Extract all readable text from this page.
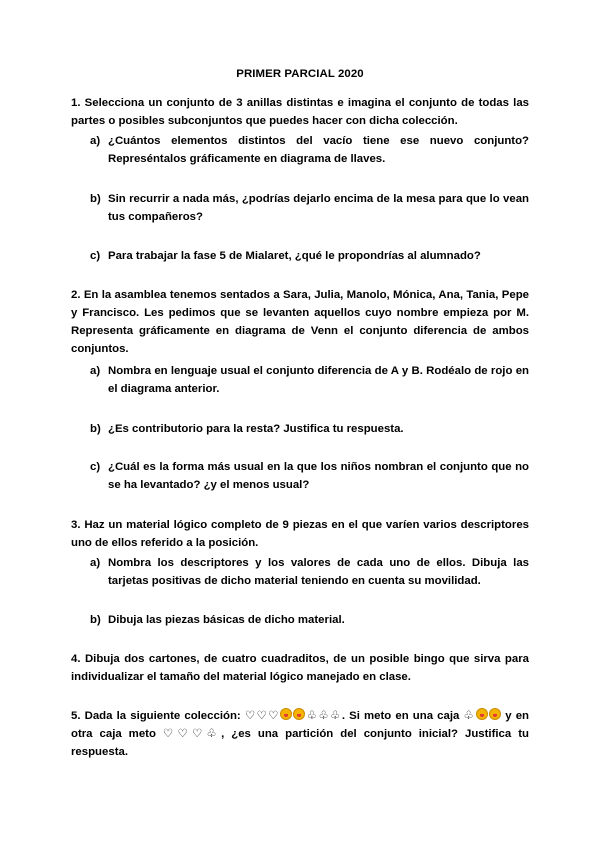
PRIMER PARCIAL 2020
1. Selecciona un conjunto de 3 anillas distintas e imagina el conjunto de todas las partes o posibles subconjuntos que puedes hacer con dicha colección.
a) ¿Cuántos elementos distintos del vacío tiene ese nuevo conjunto? Represéntalos gráficamente en diagrama de llaves.
b) Sin recurrir a nada más, ¿podrías dejarlo encima de la mesa para que lo vean tus compañeros?
c) Para trabajar la fase 5 de Mialaret, ¿qué le propondrías al alumnado?
2. En la asamblea tenemos sentados a Sara, Julia, Manolo, Mónica, Ana, Tania, Pepe y Francisco. Les pedimos que se levanten aquellos cuyo nombre empieza por M. Representa gráficamente en diagrama de Venn el conjunto diferencia de ambos conjuntos.
a) Nombra en lenguaje usual el conjunto diferencia de A y B. Rodéalo de rojo en el diagrama anterior.
b) ¿Es contributorio para la resta? Justifica tu respuesta.
c) ¿Cuál es la forma más usual en la que los niños nombran el conjunto que no se ha levantado? ¿y el menos usual?
3. Haz un material lógico completo de 9 piezas en el que varíen varios descriptores uno de ellos referido a la posición.
a) Nombra los descriptores y los valores de cada uno de ellos. Dibuja las tarjetas positivas de dicho material teniendo en cuenta su movilidad.
b) Dibuja las piezas básicas de dicho material.
4. Dibuja dos cartones, de cuatro cuadraditos, de un posible bingo que sirva para individualizar el tamaño del material lógico manejado en clase.
5. Dada la siguiente colección: ♡♡♡ ♧♧♧. Si meto en una caja ♧ y en otra caja meto ♡♡♡♧, ¿es una partición del conjunto inicial? Justifica tu respuesta.
